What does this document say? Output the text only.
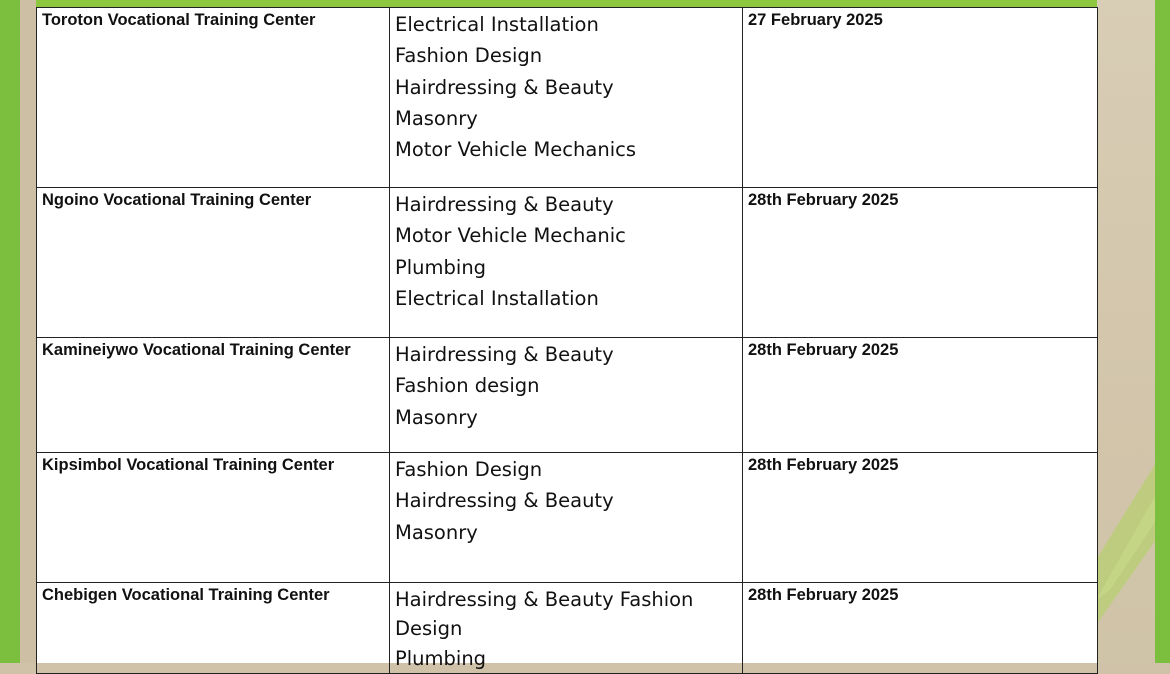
Toroton Vocational Training Center	Electrical Installation
Fashion Design
Hairdressing & Beauty
Masonry
Motor Vehicle Mechanics	27 February 2025

Ngoino Vocational Training Center	Hairdressing & Beauty
Motor Vehicle Mechanic
Plumbing
Electrical Installation	28th February 2025

Kamineiywo Vocational Training Center	Hairdressing & Beauty
Fashion design
Masonry	28th February 2025

Kipsimbol Vocational Training Center	Fashion Design
Hairdressing & Beauty
Masonry	28th February 2025

Chebigen Vocational Training Center	Hairdressing & Beauty Fashion Design
Plumbing	28th February 2025
